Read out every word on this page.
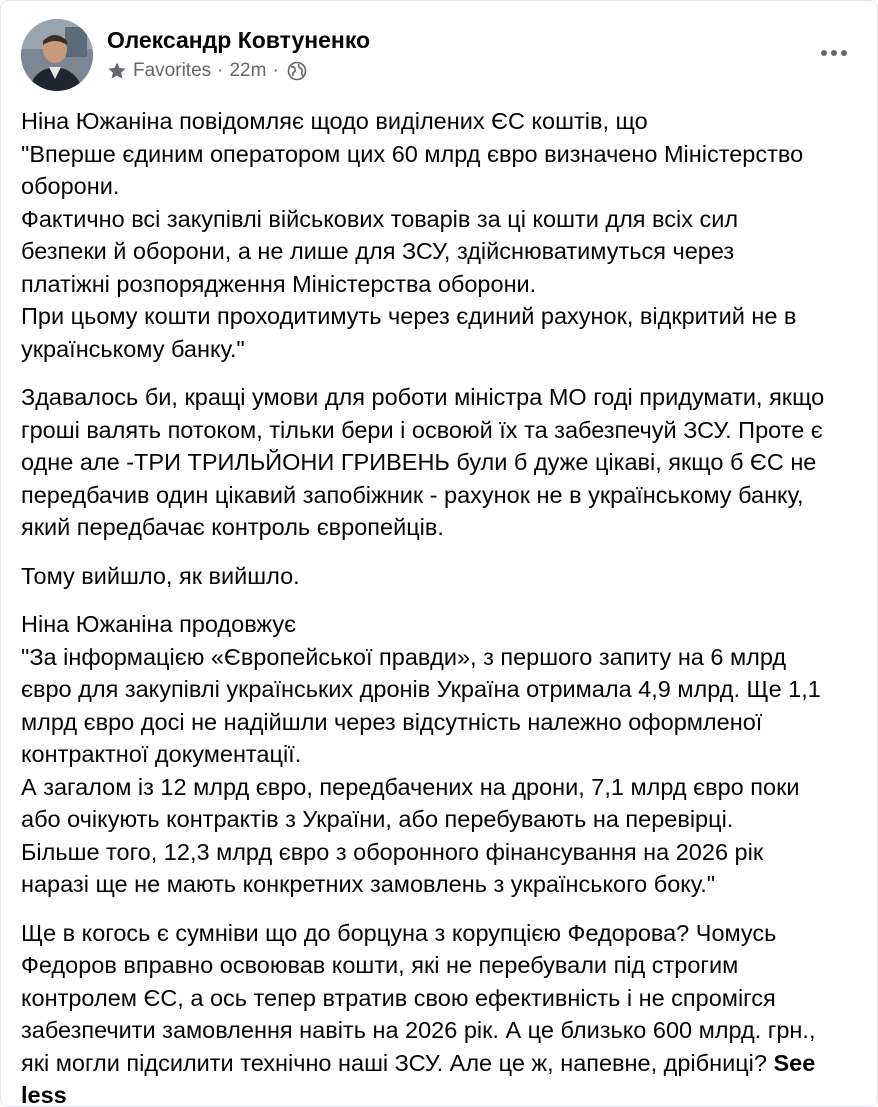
Олександр Ковтуненко
Favorites · 22m ·

Ніна Южаніна повідомляє щодо виділених ЄС коштів, що
"Вперше єдиним оператором цих 60 млрд євро визначено Міністерство
оборони.
Фактично всі закупівлі військових товарів за ці кошти для всіх сил
безпеки й оборони, а не лише для ЗСУ, здійснюватимуться через
платіжні розпорядження Міністерства оборони.
При цьому кошти проходитимуть через єдиний рахунок, відкритий не в
українському банку."

Здавалось би, кращі умови для роботи міністра МО годі придумати, якщо
гроші валять потоком, тільки бери і освоюй їх та забезпечуй ЗСУ. Проте є
одне але -ТРИ ТРИЛЬЙОНИ ГРИВЕНЬ були б дуже цікаві, якщо б ЄС не
передбачив один цікавий запобіжник - рахунок не в українському банку,
який передбачає контроль європейців.

Тому вийшло, як вийшло.

Ніна Южаніна продовжує
"За інформацією «Європейської правди», з першого запиту на 6 млрд
євро для закупівлі українських дронів Україна отримала 4,9 млрд. Ще 1,1
млрд євро досі не надійшли через відсутність належно оформленої
контрактної документації.
А загалом із 12 млрд євро, передбачених на дрони, 7,1 млрд євро поки
або очікують контрактів з України, або перебувають на перевірці.
Більше того, 12,3 млрд євро з оборонного фінансування на 2026 рік
наразі ще не мають конкретних замовлень з українського боку."

Ще в когось є сумніви що до борцуна з корупцією Федорова? Чомусь
Федоров вправно освоював кошти, які не перебували під строгим
контролем ЄС, а ось тепер втратив свою ефективність і не спромігся
забезпечити замовлення навіть на 2026 рік. А це близько 600 млрд. грн.,
які могли підсилити технічно наші ЗСУ. Але це ж, напевне, дрібниці? See
less
